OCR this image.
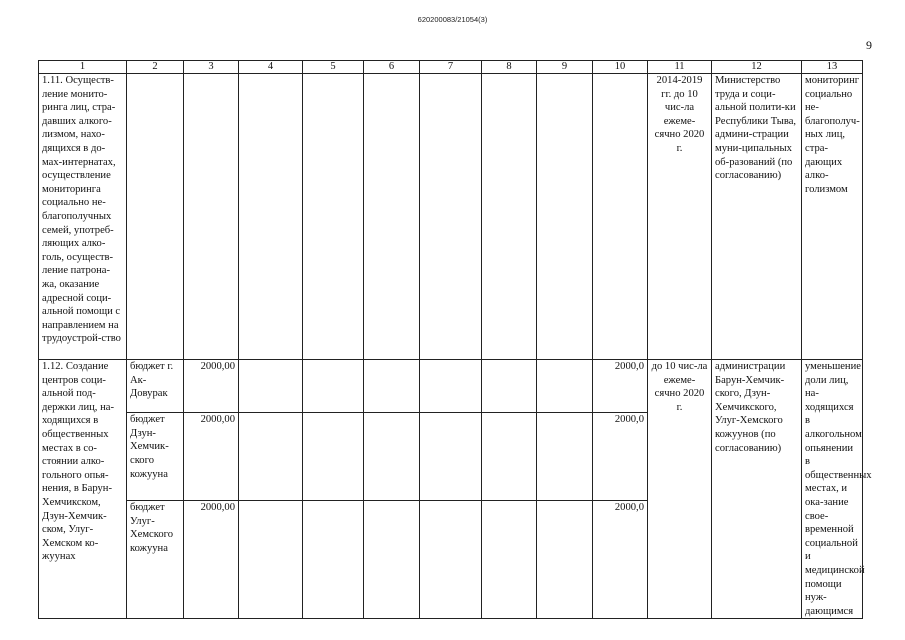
620200083/21054(3)
9
1	2	3	4	5	6	7	8	9	10	11	12	13
1.11. Осуществ-ление монито-ринга лиц, стра-давших алкого-лизмом, нахо-дящихся в до-мах-интернатах, осуществление мониторинга социально не-благополучных семей, употреб-ляющих алко-голь, осуществ-ление патрона-жа, оказание адресной соци-альной помощи с направлением на трудоустрой-ство										2014-2019 гг. до 10 чис-ла ежеме-сячно 2020 г.	Министерство труда и соци-альной полити-ки Республики Тыва, админи-страции муни-ципальных об-разований (по согласованию)	мониторинг социально не-благополуч-ных лиц, стра-дающих алко-голизмом
1.12. Создание центров соци-альной под-держки лиц, на-ходящихся в общественных местах в со-стоянии алко-гольного опья-нения, в Барун-Хемчикском, Дзун-Хемчик-ском, Улуг-Хемском ко-жуунах	бюджет г. Ак-Довурак	2000,00							2000,0	до 10 чис-ла ежеме-сячно 2020 г.	администрации Барун-Хемчик-ского, Дзун-Хемчикского, Улуг-Хемского кожуунов (по согласованию)	уменьшение доли лиц, на-ходящихся в алкогольном опьянении в общественных местах, и ока-зание свое-временной социальной и медицинской помощи нуж-дающимся
	бюджет Дзун-Хемчик-ского кожууна	2000,00							2000,0			
	бюджет Улуг-Хемского кожууна	2000,00							2000,0			
